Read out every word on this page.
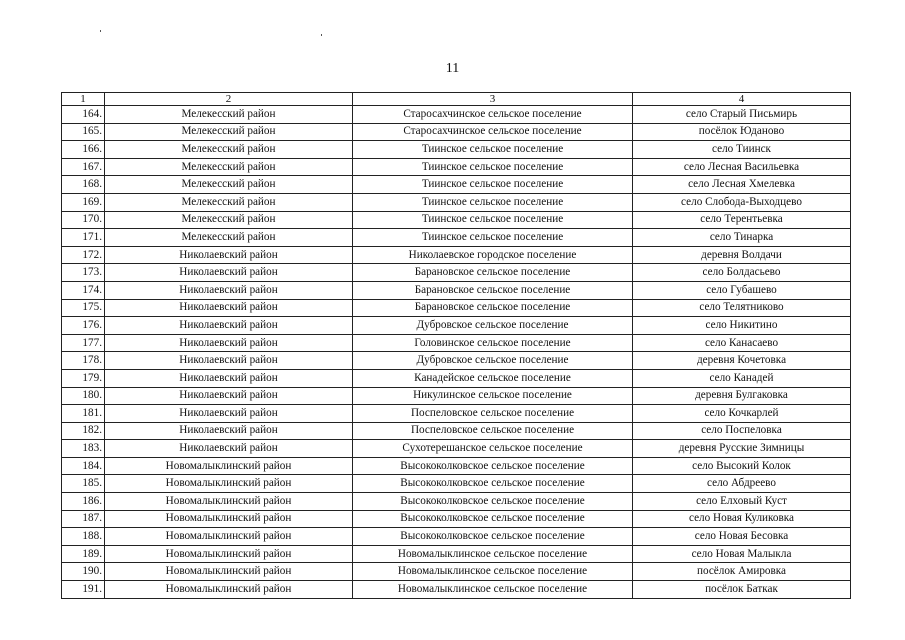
11
1	2	3	4
164.	Мелекесский район	Старосахчинское сельское поселение	село Старый Письмирь
165.	Мелекесский район	Старосахчинское сельское поселение	посёлок Юданово
166.	Мелекесский район	Тиинское сельское поселение	село Тиинск
167.	Мелекесский район	Тиинское сельское поселение	село Лесная Васильевка
168.	Мелекесский район	Тиинское сельское поселение	село Лесная Хмелевка
169.	Мелекесский район	Тиинское сельское поселение	село Слобода-Выходцево
170.	Мелекесский район	Тиинское сельское поселение	село Терентьевка
171.	Мелекесский район	Тиинское сельское поселение	село Тинарка
172.	Николаевский район	Николаевское городское поселение	деревня Волдачи
173.	Николаевский район	Барановское сельское поселение	село Болдасьево
174.	Николаевский район	Барановское сельское поселение	село Губашево
175.	Николаевский район	Барановское сельское поселение	село Телятниково
176.	Николаевский район	Дубровское сельское поселение	село Никитино
177.	Николаевский район	Головинское сельское поселение	село Канасаево
178.	Николаевский район	Дубровское сельское поселение	деревня Кочетовка
179.	Николаевский район	Канадейское сельское поселение	село Канадей
180.	Николаевский район	Никулинское сельское поселение	деревня Булгаковка
181.	Николаевский район	Поспеловское сельское поселение	село Кочкарлей
182.	Николаевский район	Поспеловское сельское поселение	село Поспеловка
183.	Николаевский район	Сухотерешанское сельское поселение	деревня Русские Зимницы
184.	Новомалыклинский район	Высококолковское сельское поселение	село Высокий Колок
185.	Новомалыклинский район	Высококолковское сельское поселение	село Абдреево
186.	Новомалыклинский район	Высококолковское сельское поселение	село Елховый Куст
187.	Новомалыклинский район	Высококолковское сельское поселение	село Новая Куликовка
188.	Новомалыклинский район	Высококолковское сельское поселение	село Новая Бесовка
189.	Новомалыклинский район	Новомалыклинское сельское поселение	село Новая Малыкла
190.	Новомалыклинский район	Новомалыклинское сельское поселение	посёлок Амировка
191.	Новомалыклинский район	Новомалыклинское сельское поселение	посёлок Баткак
